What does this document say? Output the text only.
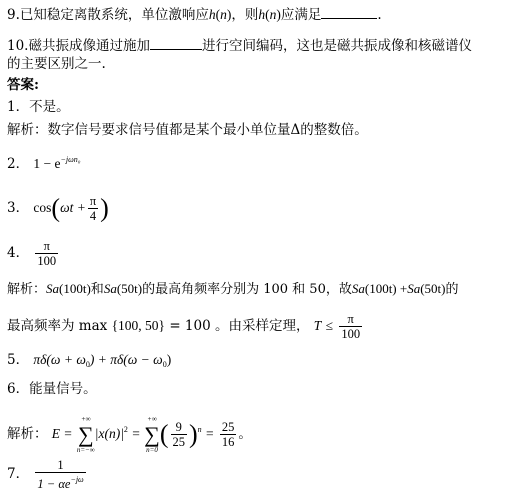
9.已知稳定离散系统，单位激响应h(n)，则h(n)应满足	.
10.磁共振成像通过施加	进行空间编码，这也是磁共振成像和核磁谱仪
的主要区别之一.
答案:
1．不是。
解析：数字信号要求信号值都是某个最小单位量Δ的整数倍。
2． $1 - e^{-j\omega n_0}$
3． $\cos(\omega t + \frac{\pi}{4}$ )
4． $\frac{\pi}{100}$
解析：Sa(100t)和Sa(50t)的最高角频率分别为 100 和 50，故Sa(100t) +Sa(50t)的
最高频率为 max {100, 50} = 100 。由采样定理， $T \le \frac{\pi}{100}$
5． $\pi\delta(\omega + \omega_0) + \pi\delta(\omega - \omega_0)$
6．能量信号。
解析： E =
+∞
∑
n=−∞
$|x(n)|^2$ =
+∞
∑
n=0
( $\frac{9}{25} )^n = \frac{25}{16}$ 。
7． $\frac{1}{1 - \alpha e^{-j\omega}}$
